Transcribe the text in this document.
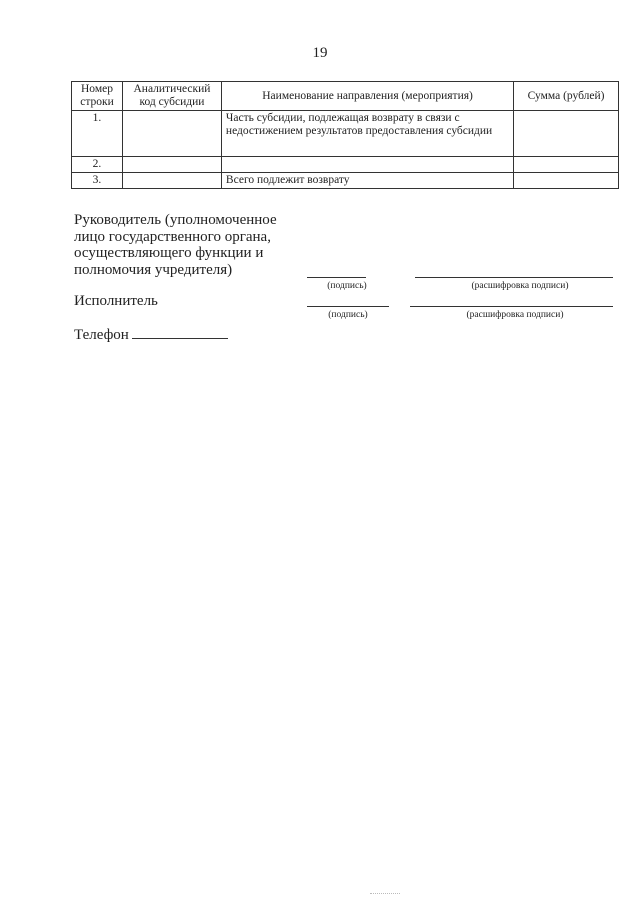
19
Номер строки	Аналитический код субсидии	Наименование направления (мероприятия)	Сумма (рублей)
1.		Часть субсидии, подлежащая возврату в связи с недостижением результатов предоставления субсидии	
2.			
3.		Всего подлежит возврату	
Руководитель (уполномоченное лицо государственного органа, осуществляющего функции и полномочия учредителя)
(подпись)	(расшифровка подписи)
Исполнитель
(подпись)	(расшифровка подписи)
Телефон
